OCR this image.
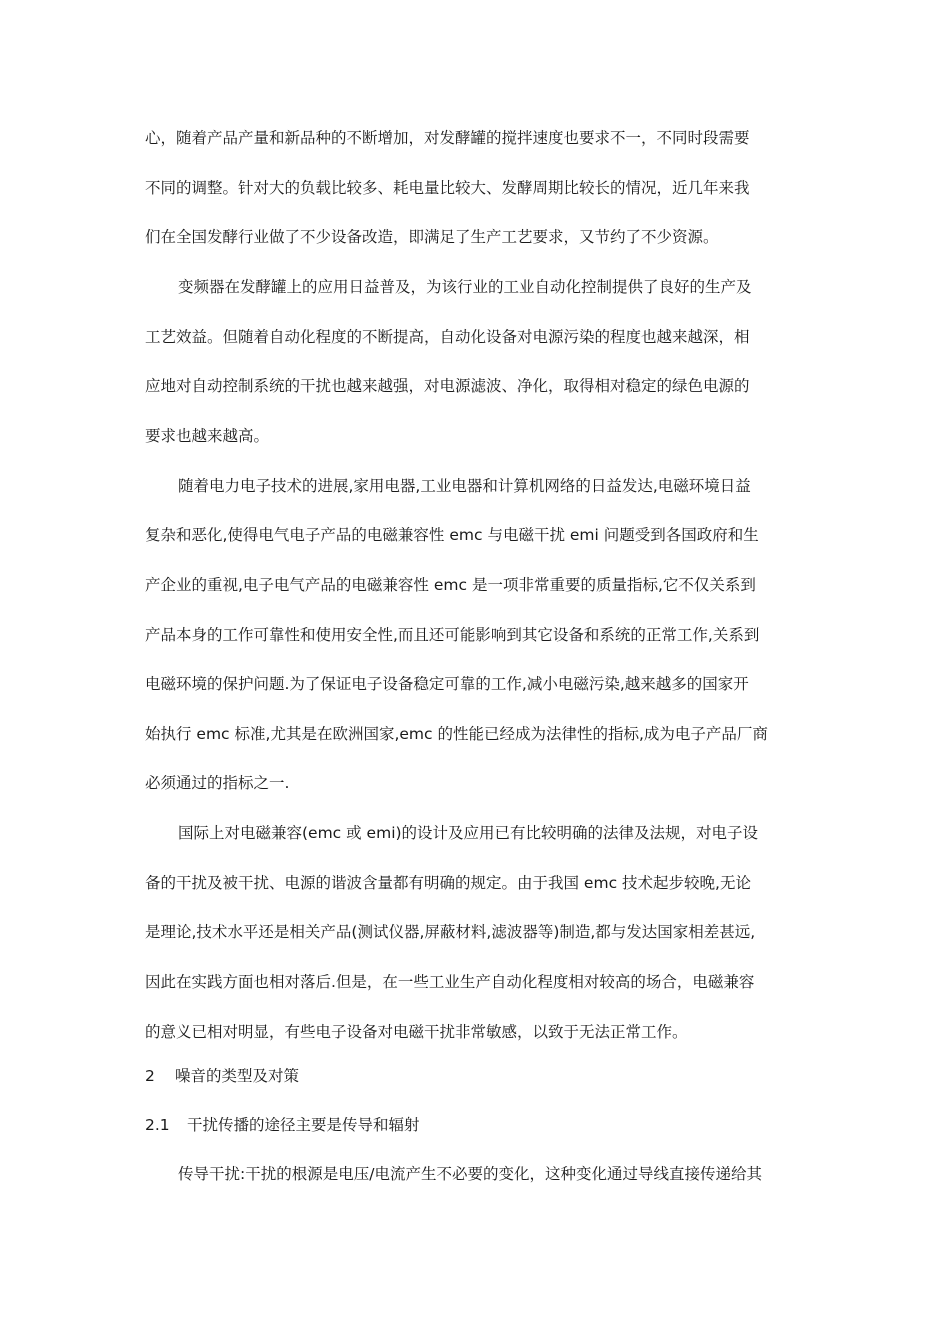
心，随着产品产量和新品种的不断增加，对发酵罐的搅拌速度也要求不一，不同时段需要
不同的调整。针对大的负载比较多、耗电量比较大、发酵周期比较长的情况，近几年来我
们在全国发酵行业做了不少设备改造，即满足了生产工艺要求，又节约了不少资源。
变频器在发酵罐上的应用日益普及，为该行业的工业自动化控制提供了良好的生产及
工艺效益。但随着自动化程度的不断提高，自动化设备对电源污染的程度也越来越深，相
应地对自动控制系统的干扰也越来越强，对电源滤波、净化，取得相对稳定的绿色电源的
要求也越来越高。
随着电力电子技术的进展,家用电器,工业电器和计算机网络的日益发达,电磁环境日益
复杂和恶化,使得电气电子产品的电磁兼容性 emc 与电磁干扰 emi 问题受到各国政府和生
产企业的重视,电子电气产品的电磁兼容性 emc 是一项非常重要的质量指标,它不仅关系到
产品本身的工作可靠性和使用安全性,而且还可能影响到其它设备和系统的正常工作,关系到
电磁环境的保护问题.为了保证电子设备稳定可靠的工作,减小电磁污染,越来越多的国家开
始执行 emc 标准,尤其是在欧洲国家,emc 的性能已经成为法律性的指标,成为电子产品厂商
必须通过的指标之一.
国际上对电磁兼容(emc 或 emi)的设计及应用已有比较明确的法律及法规，对电子设
备的干扰及被干扰、电源的谐波含量都有明确的规定。由于我国 emc 技术起步较晚,无论
是理论,技术水平还是相关产品(测试仪器,屏蔽材料,滤波器等)制造,都与发达国家相差甚远,
因此在实践方面也相对落后.但是，在一些工业生产自动化程度相对较高的场合，电磁兼容
的意义已相对明显，有些电子设备对电磁干扰非常敏感，以致于无法正常工作。
2 噪音的类型及对策
2.1 干扰传播的途径主要是传导和辐射
传导干扰:干扰的根源是电压/电流产生不必要的变化，这种变化通过导线直接传递给其
